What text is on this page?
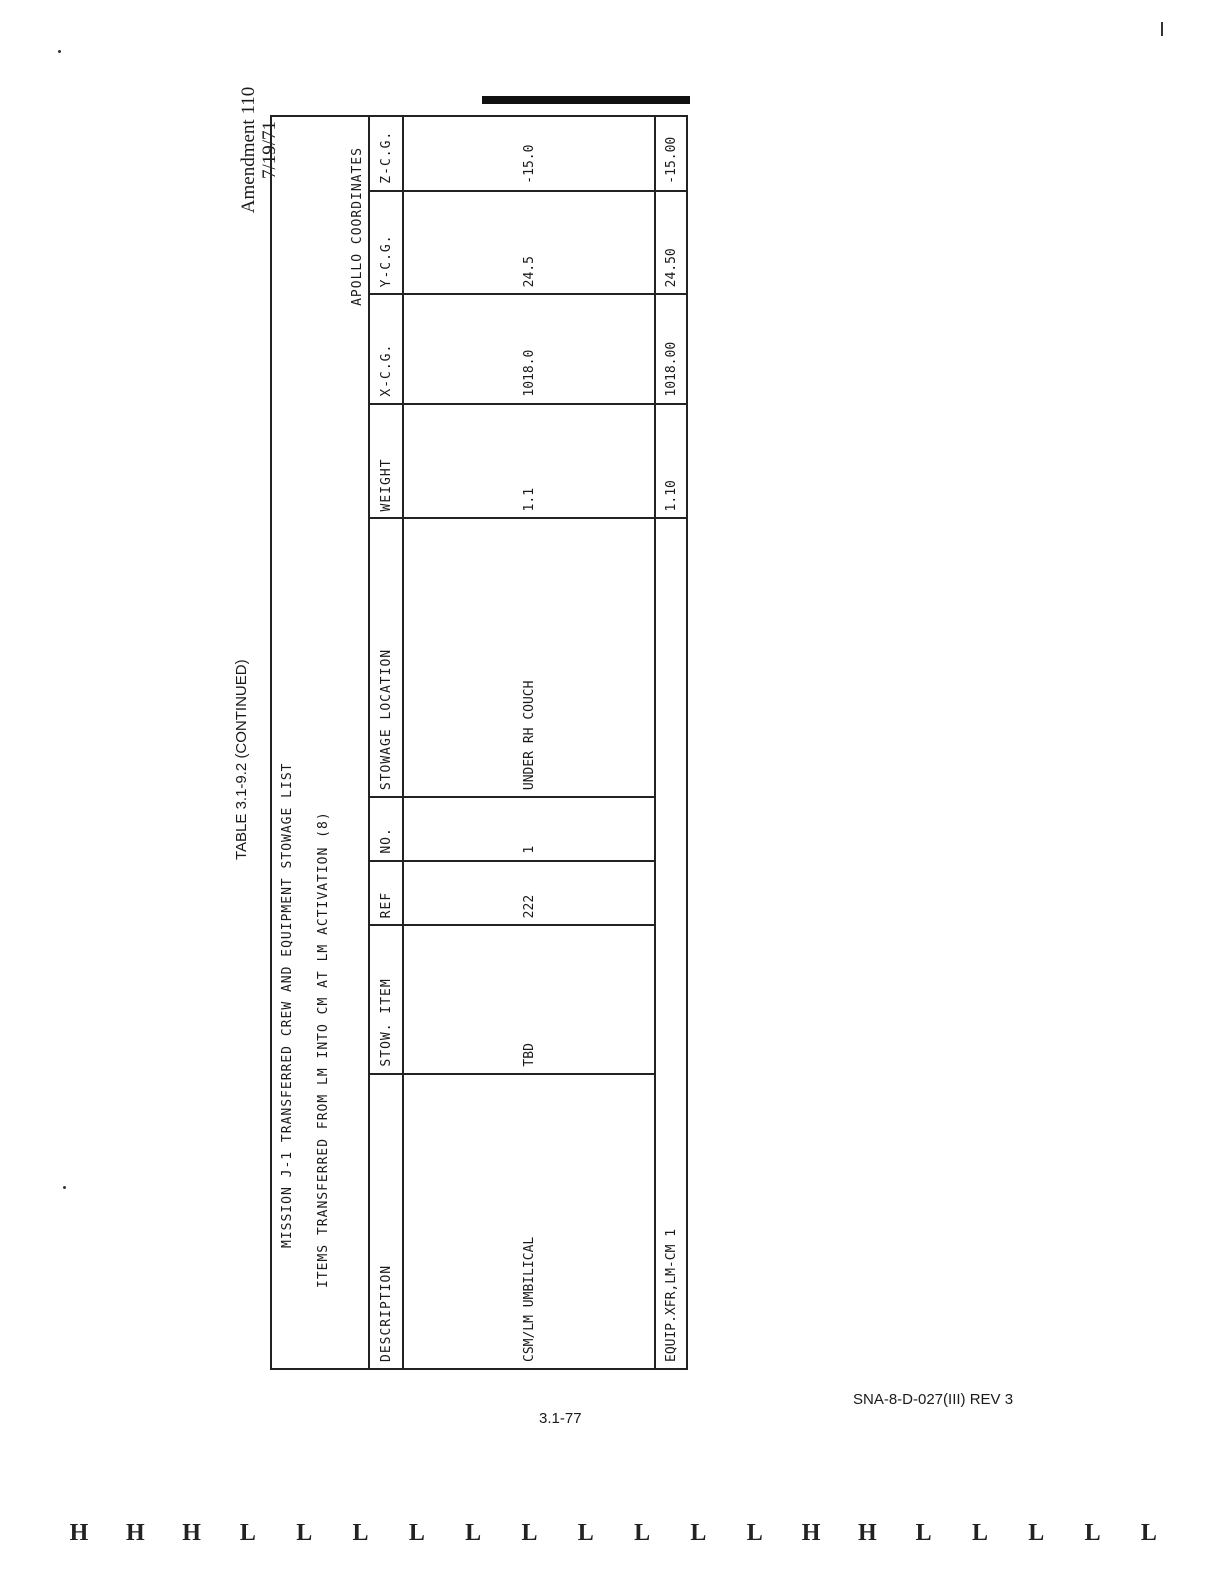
Amendment 110 7/19/71
TABLE 3.1-9.2 (CONTINUED)
MISSION J-1 TRANSFERRED CREW AND EQUIPMENT STOWAGE LIST ITEMS TRANSFERRED FROM LM INTO CM AT LM ACTIVATION (8)
APOLLO COORDINATES
DESCRIPTION	STOW. ITEM	REF	NO.	STOWAGE LOCATION	WEIGHT	X-C.G.	Y-C.G.	Z-C.G.
CSM/LM UMBILICAL	TBD	222	1	UNDER RH COUCH	1.1	1018.0	24.5	-15.0
EQUIP.XFR,LM-CM 1					1.10	1018.00	24.50	-15.00
3.1-77
SNA-8-D-027(III) REV 3
H H H L L L L L L L L L L H H L L L L L
